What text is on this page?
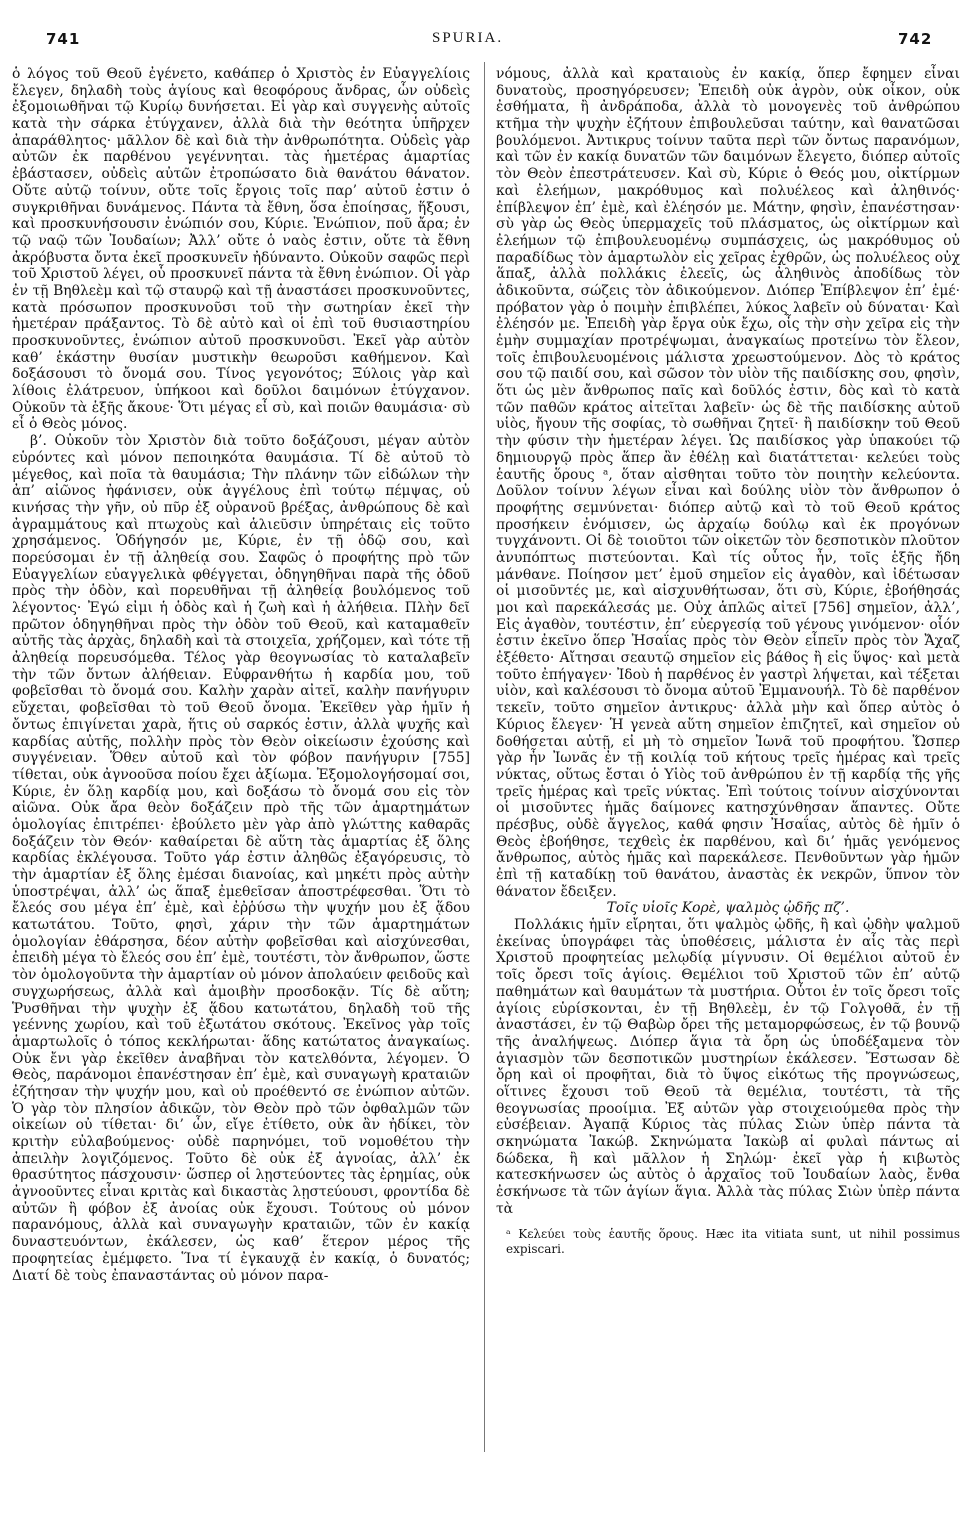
741	SPURIA.	742

ὁ λόγος τοῦ Θεοῦ ἐγένετο, καθάπερ ὁ Χριστὸς ἐν Εὐαγγελίοις ἔλεγεν, δηλαδὴ τοὺς ἁγίους καὶ θεοφόρους ἄνδρας, ὧν οὐδεὶς ἐξομοιωθῆναι τῷ Κυρίῳ δυνήσεται. Εἰ γὰρ καὶ συγγενὴς αὐτοῖς κατὰ τὴν σάρκα ἐτύγχανεν, ἀλλὰ διὰ τὴν θεότητα ὑπῆρχεν ἀπαράθλητος· μᾶλλον δὲ καὶ διὰ τὴν ἀνθρωπότητα. Οὐδεὶς γὰρ αὐτῶν ἐκ παρθένου γεγέννηται. τὰς ἡμετέρας ἁμαρτίας ἐβάστασεν, οὐδεὶς αὐτῶν ἐτροπώσατο διὰ θανάτου θάνατον. Οὔτε αὐτῷ τοίνυν, οὔτε τοῖς ἔργοις τοῖς παρ’ αὐτοῦ ἐστιν ὁ συγκριθῆναι δυνάμενος. Πάντα τὰ ἔθνη, ὅσα ἐποίησας, ἥξουσι, καὶ προσκυνήσουσιν ἐνώπιόν σου, Κύριε. Ἐνώπιον, ποῦ ἄρα; ἐν τῷ ναῷ τῶν Ἰουδαίων; Ἀλλ’ οὔτε ὁ ναὸς ἐστιν, οὔτε τὰ ἔθνη ἀκρόβυστα ὄντα ἐκεῖ προσκυνεῖν ἠδύναντο. Οὐκοῦν σαφῶς περὶ τοῦ Χριστοῦ λέγει, οὗ προσκυνεῖ πάντα τὰ ἔθνη ἐνώπιον. Οἱ γὰρ ἐν τῇ Βηθλεὲμ καὶ τῷ σταυρῷ καὶ τῇ ἀναστάσει προσκυνοῦντες, κατὰ πρόσωπον προσκυνοῦσι τοῦ τὴν σωτηρίαν ἐκεῖ τὴν ἡμετέραν πράξαντος. Τὸ δὲ αὐτὸ καὶ οἱ ἐπὶ τοῦ θυσιαστηρίου προσκυνοῦντες, ἐνώπιον αὐτοῦ προσκυνοῦσι. Ἐκεῖ γὰρ αὐτὸν καθ’ ἑκάστην θυσίαν μυστικὴν θεωροῦσι καθήμενον. Καὶ δοξάσουσι τὸ ὄνομά σου. Τίνος γεγονότος; Ξύλοις γὰρ καὶ λίθοις ἐλάτρευον, ὑπήκοοι καὶ δοῦλοι δαιμόνων ἐτύγχανον. Οὐκοῦν τὰ ἑξῆς ἄκουε· Ὅτι μέγας εἶ σὺ, καὶ ποιῶν θαυμάσια· σὺ εἶ ὁ Θεὸς μόνος.

β’. Οὐκοῦν τὸν Χριστὸν διὰ τοῦτο δοξάζουσι, μέγαν αὐτὸν εὑρόντες καὶ μόνον πεποιηκότα θαυμάσια. Τί δὲ αὐτοῦ τὸ μέγεθος, καὶ ποῖα τὰ θαυμάσια; Τὴν πλάνην τῶν εἰδώλων τὴν ἀπ’ αἰῶνος ἠφάνισεν, οὐκ ἀγγέλους ἐπὶ τούτῳ πέμψας, οὐ κινήσας τὴν γῆν, οὐ πῦρ ἐξ οὐρανοῦ βρέξας, ἀνθρώπους δὲ καὶ ἀγραμμάτους καὶ πτωχοὺς καὶ ἁλιεῦσιν ὑπηρέταις εἰς τοῦτο χρησάμενος. Ὁδήγησόν με, Κύριε, ἐν τῇ ὁδῷ σου, καὶ πορεύσομαι ἐν τῇ ἀληθείᾳ σου. Σαφῶς ὁ προφήτης πρὸ τῶν Εὐαγγελίων εὐαγγελικὰ φθέγγεται, ὁδηγηθῆναι παρὰ τῆς ὁδοῦ πρὸς τὴν ὁδὸν, καὶ πορευθῆναι τῇ ἀληθείᾳ βουλόμενος τοῦ λέγοντος· Ἐγώ εἰμι ἡ ὁδὸς καὶ ἡ ζωὴ καὶ ἡ ἀλήθεια. Πλὴν δεῖ πρῶτον ὁδηγηθῆναι πρὸς τὴν ὁδὸν τοῦ Θεοῦ, καὶ καταμαθεῖν αὐτῆς τὰς ἀρχὰς, δηλαδὴ καὶ τὰ στοιχεῖα, χρήζομεν, καὶ τότε τῇ ἀληθείᾳ πορευσόμεθα. Τέλος γὰρ θεογνωσίας τὸ καταλαβεῖν τὴν τῶν ὄντων ἀλήθειαν. Εὐφρανθήτω ἡ καρδία μου, τοῦ φοβεῖσθαι τὸ ὄνομά σου. Καλὴν χαρὰν αἰτεῖ, καλὴν πανήγυριν εὔχεται, φοβεῖσθαι τὸ τοῦ Θεοῦ ὄνομα. Ἐκεῖθεν γὰρ ἡμῖν ἡ ὄντως ἐπιγίνεται χαρὰ, ἥτις οὐ σαρκός ἐστιν, ἀλλὰ ψυχῆς καὶ καρδίας αὐτῆς, πολλὴν πρὸς τὸν Θεὸν οἰκείωσιν ἐχούσης καὶ συγγένειαν. Ὅθεν αὐτοῦ καὶ τὸν φόβον πανήγυριν [755] τίθεται, οὐκ ἀγνοοῦσα ποίου ἔχει ἀξίωμα. Ἐξομολογήσομαί σοι, Κύριε, ἐν ὅλῃ καρδίᾳ μου, καὶ δοξάσω τὸ ὄνομά σου εἰς τὸν αἰῶνα. Οὐκ ἄρα θεὸν δοξάζειν πρὸ τῆς τῶν ἁμαρτημάτων ὁμολογίας ἐπιτρέπει· ἐβούλετο μὲν γὰρ ἀπὸ γλώττης καθαρᾶς δοξάζειν τὸν Θεόν· καθαίρεται δὲ αὕτη τὰς ἁμαρτίας ἐξ ὅλης καρδίας ἐκλέγουσα. Τοῦτο γάρ ἐστιν ἀληθῶς ἐξαγόρευσις, τὸ τὴν ἁμαρτίαν ἐξ ὅλης ἐμέσαι διανοίας, καὶ μηκέτι πρὸς αὐτὴν ὑποστρέψαι, ἀλλ’ ὡς ἅπαξ ἐμεθεῖσαν ἀποστρέφεσθαι. Ὅτι τὸ ἔλεός σου μέγα ἐπ’ ἐμὲ, καὶ ἐῤῥύσω τὴν ψυχήν μου ἐξ ᾅδου κατωτάτου. Τοῦτο, φησὶ, χάριν τὴν τῶν ἁμαρτημάτων ὁμολογίαν ἐθάρσησα, δέον αὐτὴν φοβεῖσθαι καὶ αἰσχύνεσθαι, ἐπειδὴ μέγα τὸ ἔλεός σου ἐπ’ ἐμὲ, τουτέστι, τὸν ἄνθρωπον, ὥστε τὸν ὁμολογοῦντα τὴν ἁμαρτίαν οὐ μόνον ἀπολαύειν φειδοῦς καὶ συγχωρήσεως, ἀλλὰ καὶ ἀμοιβὴν προσδοκᾷν. Τίς δὲ αὕτη; Ῥυσθῆναι τὴν ψυχὴν ἐξ ᾅδου κατωτάτου, δηλαδὴ τοῦ τῆς γεέννης χωρίου, καὶ τοῦ ἐξωτάτου σκότους. Ἐκεῖνος γὰρ τοῖς ἁμαρτωλοῖς ὁ τόπος κεκλήρωται· ἅδης κατώτατος ἀναγκαίως. Οὐκ ἔνι γὰρ ἐκεῖθεν ἀναβῆναι τὸν κατελθόντα, λέγομεν. Ὁ Θεὸς, παράνομοι ἐπανέστησαν ἐπ’ ἐμὲ, καὶ συναγωγὴ κραταιῶν ἐζήτησαν τὴν ψυχήν μου, καὶ οὐ προέθεντό σε ἐνώπιον αὐτῶν. Ὁ γὰρ τὸν πλησίον ἀδικῶν, τὸν Θεὸν πρὸ τῶν ὀφθαλμῶν τῶν οἰκείων οὐ τίθεται· δι’ ὧν, εἴγε ἐτίθετο, οὐκ ἂν ἠδίκει, τὸν κριτὴν εὐλαβούμενος· οὐδὲ παρηνόμει, τοῦ νομοθέτου τὴν ἀπειλὴν λογιζόμενος. Τοῦτο δὲ οὐκ ἐξ ἀγνοίας, ἀλλ’ ἐκ θρασύτητος πάσχουσιν· ὥσπερ οἱ λῃστεύοντες τὰς ἐρημίας, οὐκ ἀγνοοῦντες εἶναι κριτὰς καὶ δικαστὰς λῃστεύουσι, φροντίδα δὲ αὐτῶν ἢ φόβον ἐξ ἀνοίας οὐκ ἔχουσι. Τούτους οὐ μόνον παρανόμους, ἀλλὰ καὶ συναγωγὴν κραταιῶν, τῶν ἐν κακίᾳ δυναστευόντων, ἐκάλεσεν, ὡς καθ’ ἕτερον μέρος τῆς προφητείας ἐμέμφετο. Ἵνα τί ἐγκαυχᾷ ἐν κακίᾳ, ὁ δυνατός; Διατί δὲ τοὺς ἐπαναστάντας οὐ μόνον παρα-

νόμους, ἀλλὰ καὶ κραταιοὺς ἐν κακίᾳ, ὅπερ ἔφημεν εἶναι δυνατοὺς, προσηγόρευσεν; Ἐπειδὴ οὐκ ἀγρὸν, οὐκ οἶκον, οὐκ ἐσθήματα, ἢ ἀνδράποδα, ἀλλὰ τὸ μονογενὲς τοῦ ἀνθρώπου κτῆμα τὴν ψυχὴν ἐζήτουν ἐπιβουλεῦσαι ταύτην, καὶ θανατῶσαι βουλόμενοι. Ἀντικρυς τοίνυν ταῦτα περὶ τῶν ὄντως παρανόμων, καὶ τῶν ἐν κακίᾳ δυνατῶν τῶν δαιμόνων ἔλεγετο, διόπερ αὐτοῖς τὸν Θεὸν ἐπεστράτευσεν. Καὶ σὺ, Κύριε ὁ Θεός μου, οἰκτίρμων καὶ ἐλεήμων, μακρόθυμος καὶ πολυέλεος καὶ ἀληθινός· ἐπίβλεψον ἐπ’ ἐμὲ, καὶ ἐλέησόν με. Μάτην, φησὶν, ἐπανέστησαν· σὺ γὰρ ὡς Θεὸς ὑπερμαχεῖς τοῦ πλάσματος, ὡς οἰκτίρμων καὶ ἐλεήμων τῷ ἐπιβουλευομένῳ συμπάσχεις, ὡς μακρόθυμος οὐ παραδίδως τὸν ἁμαρτωλὸν εἰς χεῖρας ἐχθρῶν, ὡς πολυέλεος οὐχ ἅπαξ, ἀλλὰ πολλάκις ἐλεεῖς, ὡς ἀληθινὸς ἀποδίδως τὸν ἀδικοῦντα, σώζεις τὸν ἀδικούμενον. Διόπερ Ἐπίβλεψον ἐπ’ ἐμέ· πρόβατον γὰρ ὁ ποιμὴν ἐπιβλέπει, λύκος λαβεῖν οὐ δύναται· Καὶ ἐλέησόν με. Ἐπειδὴ γὰρ ἔργα οὐκ ἔχω, οἷς τὴν σὴν χεῖρα εἰς τὴν ἐμὴν συμμαχίαν προτρέψωμαι, ἀναγκαίως προτείνω τὸν ἔλεον, τοῖς ἐπιβουλευομένοις μάλιστα χρεωστούμενον. Δὸς τὸ κράτος σου τῷ παιδί σου, καὶ σῶσον τὸν υἱὸν τῆς παιδίσκης σου, φησὶν, ὅτι ὡς μὲν ἄνθρωπος παῖς καὶ δοῦλός ἐστιν, δὸς καὶ τὸ κατὰ τῶν παθῶν κράτος αἰτεῖται λαβεῖν· ὡς δὲ τῆς παιδίσκης αὐτοῦ υἱὸς, ἤγουν τῆς σοφίας, τὸ σωθῆναι ζητεῖ· ἢ παιδίσκην τοῦ Θεοῦ τὴν φύσιν τὴν ἡμετέραν λέγει. Ὡς παιδίσκος γὰρ ὑπακούει τῷ δημιουργῷ πρὸς ἅπερ ἂν ἐθέλῃ καὶ διατάττεται· κελεύει τοὺς ἑαυτῆς ὅρους ᵃ, ὅταν αἰσθηται τοῦτο τὸν ποιητὴν κελεύοντα. Δοῦλον τοίνυν λέγων εἶναι καὶ δούλης υἱὸν τὸν ἄνθρωπον ὁ προφήτης σεμνύνεται· διόπερ αὐτῷ καὶ τὸ τοῦ Θεοῦ κράτος προσήκειν ἐνόμισεν, ὡς ἀρχαίῳ δούλῳ καὶ ἐκ προγόνων τυγχάνοντι. Οἱ δὲ τοιοῦτοι τῶν οἰκετῶν τὸν δεσποτικὸν πλοῦτον ἀνυπόπτως πιστεύονται. Καὶ τίς οὗτος ἦν, τοῖς ἑξῆς ἤδη μάνθανε. Ποίησον μετ’ ἐμοῦ σημεῖον εἰς ἀγαθὸν, καὶ ἰδέτωσαν οἱ μισοῦντές με, καὶ αἰσχυνθήτωσαν, ὅτι σὺ, Κύριε, ἐβοήθησάς μοι καὶ παρεκάλεσάς με. Οὐχ ἁπλῶς αἰτεῖ [756] σημεῖον, ἀλλ’, Εἰς ἀγαθὸν, τουτέστιν, ἐπ’ εὐεργεσίᾳ τοῦ γένους γινόμενον· οἷόν ἐστιν ἐκεῖνο ὅπερ Ἠσαΐας πρὸς τὸν Θεὸν εἶπεῖν πρὸς τὸν Ἄχαζ ἐξέθετο· Αἴτησαι σεαυτῷ σημεῖον εἰς βάθος ἢ εἰς ὕψος· καὶ μετὰ τοῦτο ἐπήγαγεν· Ἰδοὺ ἡ παρθένος ἐν γαστρὶ λήψεται, καὶ τέξεται υἱὸν, καὶ καλέσουσι τὸ ὄνομα αὐτοῦ Ἐμμανουήλ. Τὸ δὲ παρθένον τεκεῖν, τοῦτο σημεῖον ἀντικρυς· ἀλλὰ μὴν καὶ ὅπερ αὐτὸς ὁ Κύριος ἔλεγεν· Ἡ γενεὰ αὕτη σημεῖον ἐπιζητεῖ, καὶ σημεῖον οὐ δοθήσεται αὐτῇ, εἰ μὴ τὸ σημεῖον Ἰωνᾶ τοῦ προφήτου. Ὥσπερ γὰρ ἦν Ἰωνᾶς ἐν τῇ κοιλίᾳ τοῦ κήτους τρεῖς ἡμέρας καὶ τρεῖς νύκτας, οὕτως ἔσται ὁ Υἱὸς τοῦ ἀνθρώπου ἐν τῇ καρδίᾳ τῆς γῆς τρεῖς ἡμέρας καὶ τρεῖς νύκτας. Ἐπὶ τούτοις τοίνυν αἰσχύνονται οἱ μισοῦντες ἡμᾶς δαίμονες κατησχύνθησαν ἅπαντες. Οὔτε πρέσβυς, οὐδὲ ἄγγελος, καθά φησιν Ἠσαΐας, αὐτὸς δὲ ἡμῖν ὁ Θεὸς ἐβοήθησε, τεχθεὶς ἐκ παρθένου, καὶ δι’ ἡμᾶς γενόμενος ἄνθρωπος, αὐτὸς ἡμᾶς καὶ παρεκάλεσε. Πενθοῦντων γὰρ ἡμῶν ἐπὶ τῇ καταδίκῃ τοῦ θανάτου, ἀναστὰς ἐκ νεκρῶν, ὕπνον τὸν θάνατον ἔδειξεν.

Τοῖς υἱοῖς Κορὲ, ψαλμὸς ᾠδῆς πζ’.

Πολλάκις ἡμῖν εἴρηται, ὅτι ψαλμὸς ᾠδῆς, ἢ καὶ ᾠδὴν ψαλμοῦ ἐκείνας ὑπογράφει τὰς ὑποθέσεις, μάλιστα ἐν αἷς τὰς περὶ Χριστοῦ προφητείας μελῳδίᾳ μίγνυσιν. Οἱ θεμέλιοι αὐτοῦ ἐν τοῖς ὄρεσι τοῖς ἁγίοις. Θεμέλιοι τοῦ Χριστοῦ τῶν ἐπ’ αὐτῷ παθημάτων καὶ θαυμάτων τὰ μυστήρια. Οὗτοι ἐν τοῖς ὄρεσι τοῖς ἁγίοις εὑρίσκονται, ἐν τῇ Βηθλεὲμ, ἐν τῷ Γολγοθᾶ, ἐν τῇ ἀναστάσει, ἐν τῷ Θαβὼρ ὄρει τῆς μεταμορφώσεως, ἐν τῷ βουνῷ τῆς ἀναλήψεως. Διόπερ ἅγια τὰ ὄρη ὡς ὑποδέξαμενα τὸν ἁγιασμὸν τῶν δεσποτικῶν μυστηρίων ἐκάλεσεν. Ἔστωσαν δὲ ὄρη καὶ οἱ προφῆται, διὰ τὸ ὕψος εἰκότως τῆς προγνώσεως, οἵτινες ἔχουσι τοῦ Θεοῦ τὰ θεμέλια, τουτέστι, τὰ τῆς θεογνωσίας προοίμια. Ἐξ αὐτῶν γὰρ στοιχειούμεθα πρὸς τὴν εὐσέβειαν. Ἀγαπᾷ Κύριος τὰς πύλας Σιὼν ὑπὲρ πάντα τὰ σκηνώματα Ἰακώβ. Σκηνώματα Ἰακὼβ αἱ φυλαὶ πάντως αἱ δώδεκα, ἢ καὶ μᾶλλον ἡ Σηλώμ· ἐκεῖ γὰρ ἡ κιβωτὸς κατεσκήνωσεν ὡς αὐτὸς ὁ ἀρχαῖος τοῦ Ἰουδαίων λαὸς, ἔνθα ἐσκήνωσε τὰ τῶν ἁγίων ἅγια. Ἀλλὰ τὰς πύλας Σιὼν ὑπὲρ πάντα τὰ

ᵃ Κελεύει τοὺς ἑαυτῆς ὅρους. Hæc ita vitiata sunt, ut nihil possimus expiscari.
